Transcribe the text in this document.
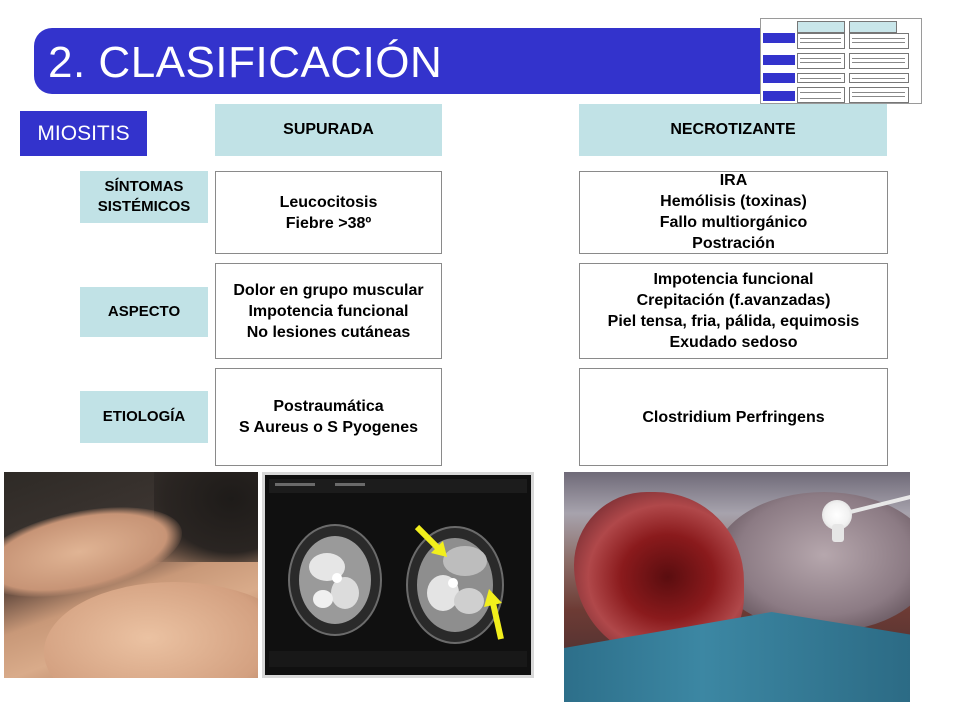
2. CLASIFICACIÓN
MIOSITIS	SUPURADA	NECROTIZANTE
SÍNTOMAS
SISTÉMICOS
ASPECTO
ETIOLOGÍA
Leucocitosis
Fiebre >38º
IRA
Hemólisis (toxinas)
Fallo multiorgánico
Postración
Dolor en grupo muscular
Impotencia funcional
No lesiones cutáneas
Impotencia funcional
Crepitación (f.avanzadas)
Piel tensa, fria, pálida, equimosis
Exudado sedoso
Postraumática
S Aureus o S Pyogenes
Clostridium Perfringens
